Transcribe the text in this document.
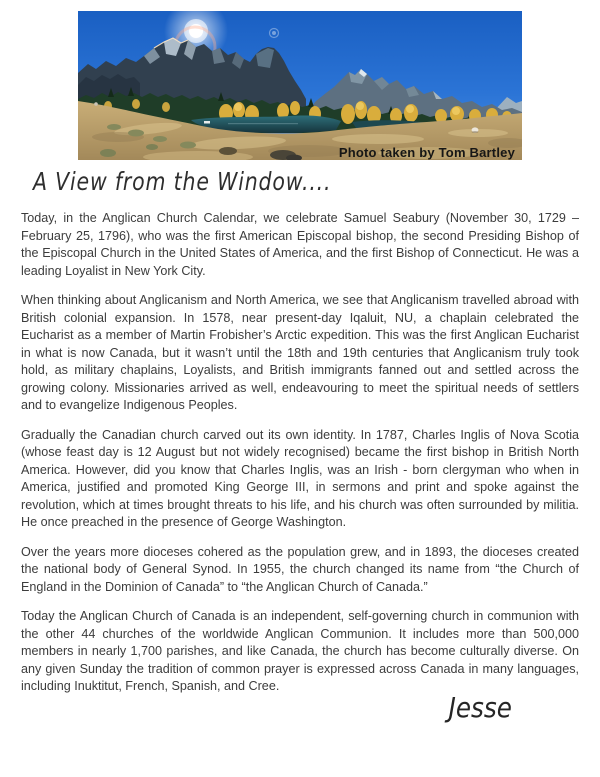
Photo taken by Tom Bartley
A View from the Window....

Today, in the Anglican Church Calendar, we celebrate Samuel Seabury (November 30, 1729 – February 25, 1796), who was the first American Episcopal bishop, the second Presiding Bishop of the Episcopal Church in the United States of America, and the first Bishop of Connecticut. He was a leading Loyalist in New York City.

When thinking about Anglicanism and North America, we see that Anglicanism travelled abroad with British colonial expansion. In 1578, near present-day Iqaluit, NU, a chaplain celebrated the Eucharist as a member of Martin Frobisher’s Arctic expedition. This was the first Anglican Eucharist in what is now Canada, but it wasn’t until the 18th and 19th centuries that Anglicanism truly took hold, as military chaplains, Loyalists, and British immigrants fanned out and settled across the growing colony. Missionaries arrived as well, endeavouring to meet the spiritual needs of settlers and to evangelize Indigenous Peoples.

Gradually the Canadian church carved out its own identity. In 1787, Charles Inglis of Nova Scotia (whose feast day is 12 August but not widely recognised) became the first bishop in British North America. However, did you know that Charles Inglis, was an Irish - born clergyman who when in America, justified and promoted King George III, in sermons and print and spoke against the revolution, which at times brought threats to his life, and his church was often surrounded by militia. He once preached in the presence of George Washington.

Over the years more dioceses cohered as the population grew, and in 1893, the dioceses created the national body of General Synod. In 1955, the church changed its name from “the Church of England in the Dominion of Canada” to “the Anglican Church of Canada.”

Today the Anglican Church of Canada is an independent, self-governing church in communion with the other 44 churches of the worldwide Anglican Communion. It includes more than 500,000 members in nearly 1,700 parishes, and like Canada, the church has become culturally diverse. On any given Sunday the tradition of common prayer is expressed across Canada in many languages, including Inuktitut, French, Spanish, and Cree.

Jesse
